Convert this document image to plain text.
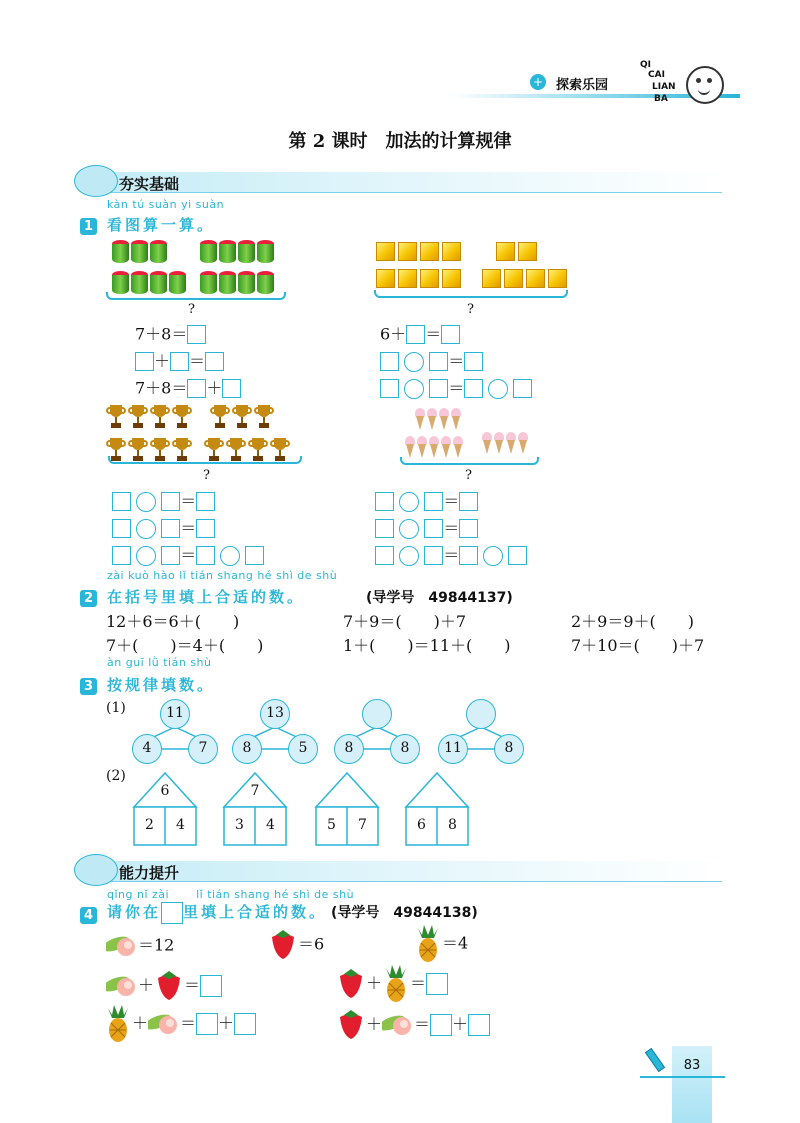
+ 探索乐园
QI
CAI
LIAN
BA
第 2 课时　加法的计算规律
夯实基础
kàn tú suàn yi suàn
1 看图算一算。
?	?
7＋8＝
＋ ＝
7＋8＝ ＋
6＋ ＝
＝
＝
?	?
＝
＝
＝
＝
＝
＝
zài kuò hào lǐ tián shang hé shì de shù
2 在括号里填上合适的数。	(导学号　49844137)
12＋6＝6＋(　　)	7＋9＝(　　)＋7	2＋9＝9＋(　　)
7＋(　　)＝4＋(　　)	1＋(　　)＝11＋(　　)	7＋10＝(　　)＋7
àn guī lǜ tián shù
3 按规律填数。
(1)	11
4	7
13
8	5	8	8	11	8
(2)
6
2	4
7
3	4	5	7	6	8
能力提升
qǐng nǐ zài　　 lǐ tián shang hé shì de shù
4 请你在 里填上合适的数。 (导学号　49844138)
＝12	＝6	＝4
＋ ＝	＋ ＝
＋ ＝ ＋	＋ ＝ ＋
83
